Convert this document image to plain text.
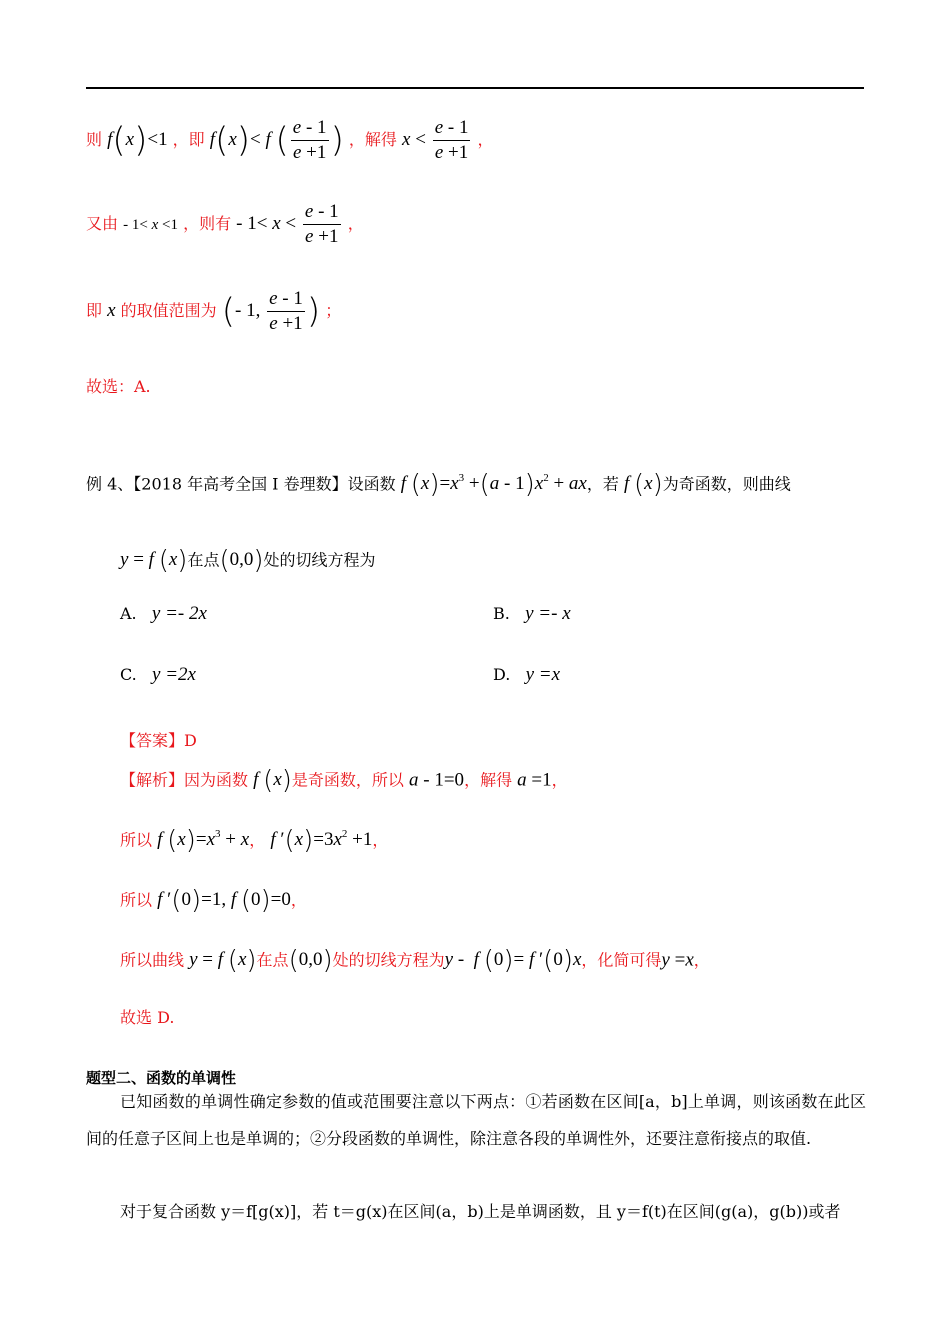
则 f(x)<1 ，即 f(x)< f ( $\frac{e - 1}{e +1}$ ) ，解得 $x < \frac{e - 1}{e +1}$ ，
又由 - 1< x <1 ，则有 - $1< x < \frac{e - 1}{e +1}$ ，
即 x 的取值范围为 (- 1, $\frac{e - 1}{e +1}$ ) ；
故选：A.
例 4、【2018 年高考全国 I 卷理数】设函数 f $(x)=x^3 +(a - 1)x^2$ + ax，若 f (x)为奇函数，则曲线
y = f (x)在点(0,0)处的切线方程为
A. y =- 2x	B. y =- x
C. y =2x	D. y =x
【答案】D
【解析】因为函数 f (x)是奇函数，所以 a - 1=0，解得 a =1，
所以 f $(x)=x^3 + x$， f $'(x)=3x^2 +1$，
所以 f ′(0)=1, f (0)=0，
所以曲线 y = f (x)在点(0,0)处的切线方程为y -  f (0)= f ′(0)x，化简可得y =x，
故选 D.
题型二、函数的单调性
已知函数的单调性确定参数的值或范围要注意以下两点：①若函数在区间[a，b]上单调，则该函数在此区间的任意子区间上也是单调的；②分段函数的单调性，除注意各段的单调性外，还要注意衔接点的取值.
对于复合函数 y＝f[g(x)]，若 t＝g(x)在区间(a，b)上是单调函数，且 y＝f(t)在区间(g(a)，g(b))或者
